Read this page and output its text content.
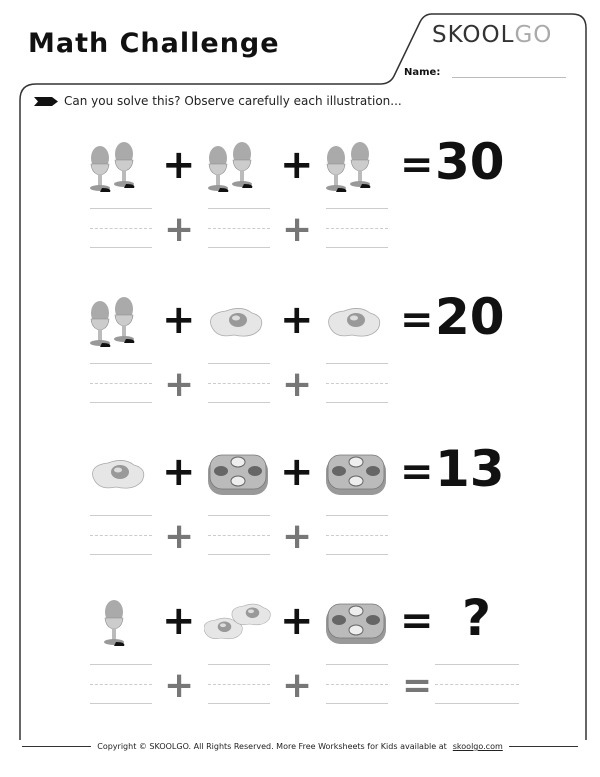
Math Challenge	SKOOLGO
Name:
Can you solve this? Observe carefully each illustration...
+ + = 30
+ +
+ + = 20
+ +
+ + = 13
+ +
+ + = ?
+ + =
Copyright © SKOOLGO. All Rights Reserved. More Free Worksheets for Kids available at skoolgo.com
